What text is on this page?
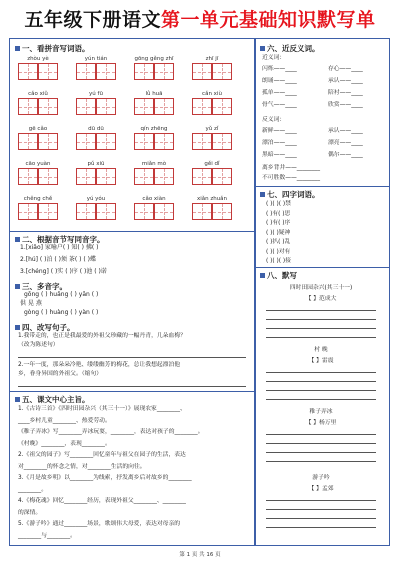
五年级下册语文第一单元基础知识默写单
一、看拼音写词语。
zhòu yè	yún tián	gōng gěng zhī	zhī jī
cǎo xiǔ	yú fū	lǜ huā	cǎn xiù
gē cǎo	dū dū	qín zhēng	yǔ zǐ
cāo yuàn	pǔ xiū	miǎn mò	gěi dǐ
chěng chě	yú yóu	cǎo xiàn	xiǎn zhuǎn
二、根据音节写同音字。
1.[xiǎo] 家喻户( ) 知( ) 拂( )
2.[hú] ( )泊 ( )须 茶( ) ( )蝶
3.[chéng] ( )实 ( )序 ( )池 ( )诺
三、多音字。
gōng ( ) huǎng ( ) yān ( )
供 晃 燕
gòng ( ) huàng ( ) yàn ( )
四、改写句子。
1.我带走的，也正是我最爱的外祖父珍藏的一幅丹青，几朵血梅？
（改为陈述句）
2.一年一度，那朵朵冷艳、缕缕幽芳的梅花，总让我想起漂泊他
乡，眷身异国的外祖父。（缩句）
五、课文中心主旨。
1.《古诗三首》《四时田园杂兴（其三十一）》展现农家________、
____乡村儿童________、热爱劳动。
《稚子弄冰》写________弄冰玩耍，________，表达对孩子的________。
《村晚》________，表现________。
2.《祖父的园子》写________回忆童年与祖父在园子的生活，表达
对________的怀念之情，对________生活的向往。
3.《月是故乡明》以________为线索，抒发离乡后对故乡的________
________。
4.《梅花魂》回忆________经历，表现外祖父________、________
的深情。
5.《游子吟》通过________场景，歌颂伟大母爱，表达对母亲的
________与________。
六、近反义词。
近义词：
闪烁——____	存心——____
朗诵——____	承认——____
孤单——____	陪衬——____
骨气——____	欣赏——____
反义词：
新鲜——____	承认——____
漂泊——____	漂亮——____
黑暗——____	偶尔——____
离乡背井——________
不可胜数——________
七、四字词语。
( )( )( )禁
( )有( )思
( )有( )序
( )( )疑神
( )扒( )乱
( )( )对有
( )( )( )接
八、默写
四时田园杂兴(其三十一)
【 】范成大
村 晚
【 】雷震
稚子弄冰
【 】杨万里
游子吟
【 】孟郊
第 1 页 共 16 页
